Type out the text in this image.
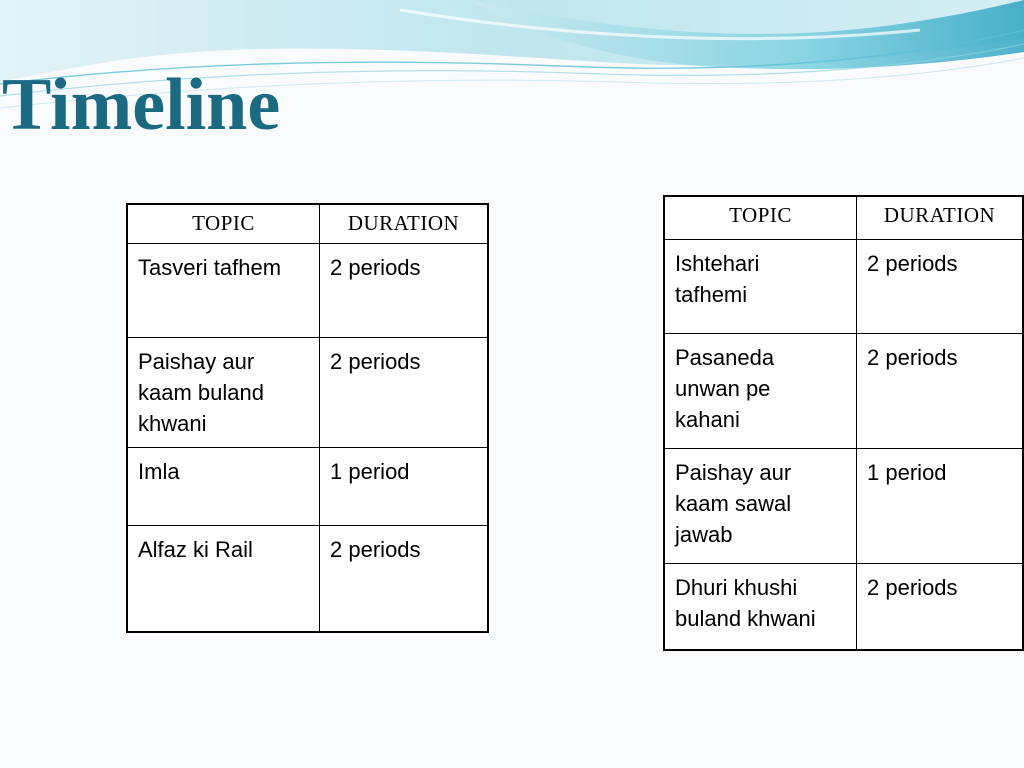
Timeline
TOPIC	DURATION
Tasveri tafhem	2 periods
Paishay aur
kaam buland
khwani	2 periods
Imla	1 period
Alfaz ki Rail	2 periods
TOPIC	DURATION
Ishtehari
tafhemi	2 periods
Pasaneda
unwan pe
kahani	2 periods
Paishay aur
kaam sawal
jawab	1 period
Dhuri khushi
buland khwani	2 periods
